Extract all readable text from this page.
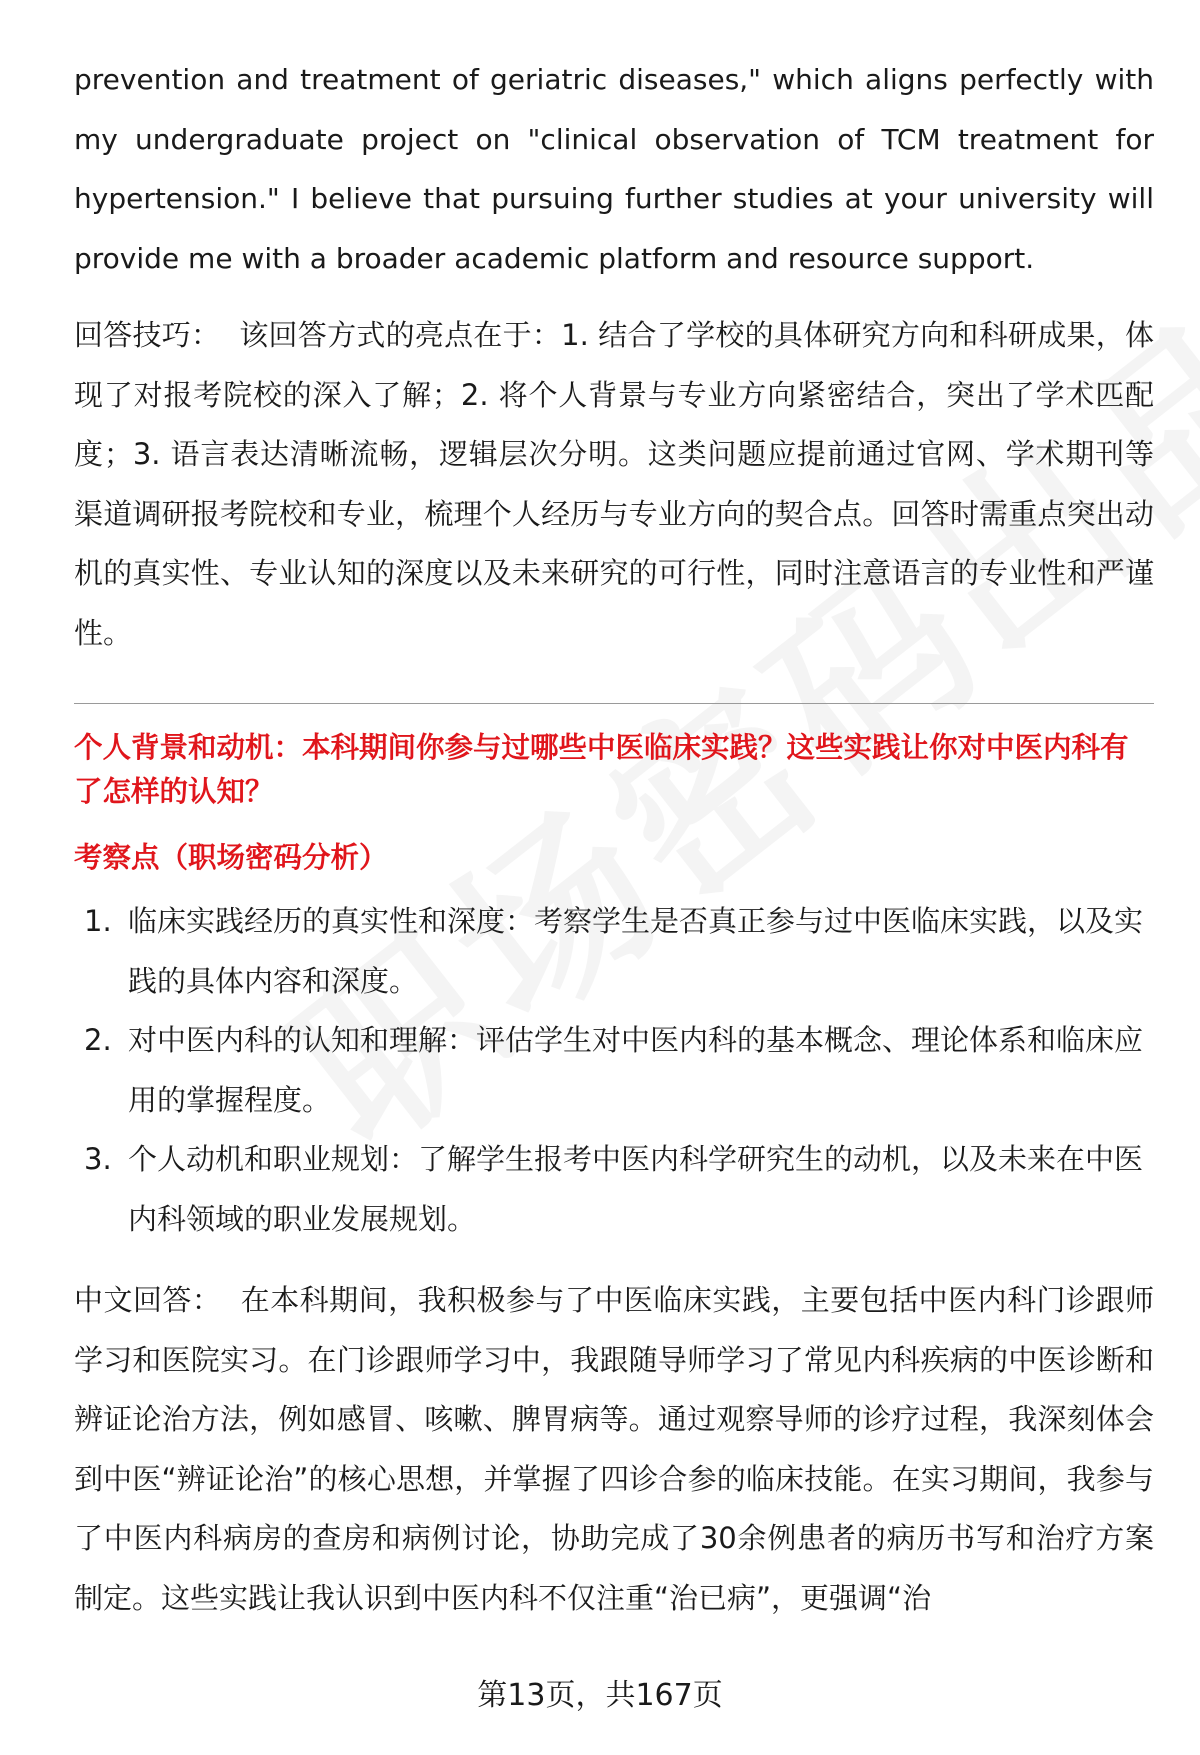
prevention and treatment of geriatric diseases," which aligns perfectly with my undergraduate project on "clinical observation of TCM treatment for hypertension." I believe that pursuing further studies at your university will provide me with a broader academic platform and resource support.

回答技巧： 该回答方式的亮点在于：1. 结合了学校的具体研究方向和科研成果，体现了对报考院校的深入了解；2. 将个人背景与专业方向紧密结合，突出了学术匹配度；3. 语言表达清晰流畅，逻辑层次分明。这类问题应提前通过官网、学术期刊等渠道调研报考院校和专业，梳理个人经历与专业方向的契合点。回答时需重点突出动机的真实性、专业认知的深度以及未来研究的可行性，同时注意语言的专业性和严谨性。

个人背景和动机：本科期间你参与过哪些中医临床实践？这些实践让你对中医内科有了怎样的认知？

考察点（职场密码分析）

1. 临床实践经历的真实性和深度：考察学生是否真正参与过中医临床实践，以及实践的具体内容和深度。
2. 对中医内科的认知和理解：评估学生对中医内科的基本概念、理论体系和临床应用的掌握程度。
3. 个人动机和职业规划：了解学生报考中医内科学研究生的动机，以及未来在中医内科领域的职业发展规划。

中文回答： 在本科期间，我积极参与了中医临床实践，主要包括中医内科门诊跟师学习和医院实习。在门诊跟师学习中，我跟随导师学习了常见内科疾病的中医诊断和辨证论治方法，例如感冒、咳嗽、脾胃病等。通过观察导师的诊疗过程，我深刻体会到中医“辨证论治”的核心思想，并掌握了四诊合参的临床技能。在实习期间，我参与了中医内科病房的查房和病例讨论，协助完成了30余例患者的病历书写和治疗方案制定。这些实践让我认识到中医内科不仅注重“治已病”，更强调“治

第13页，共167页
